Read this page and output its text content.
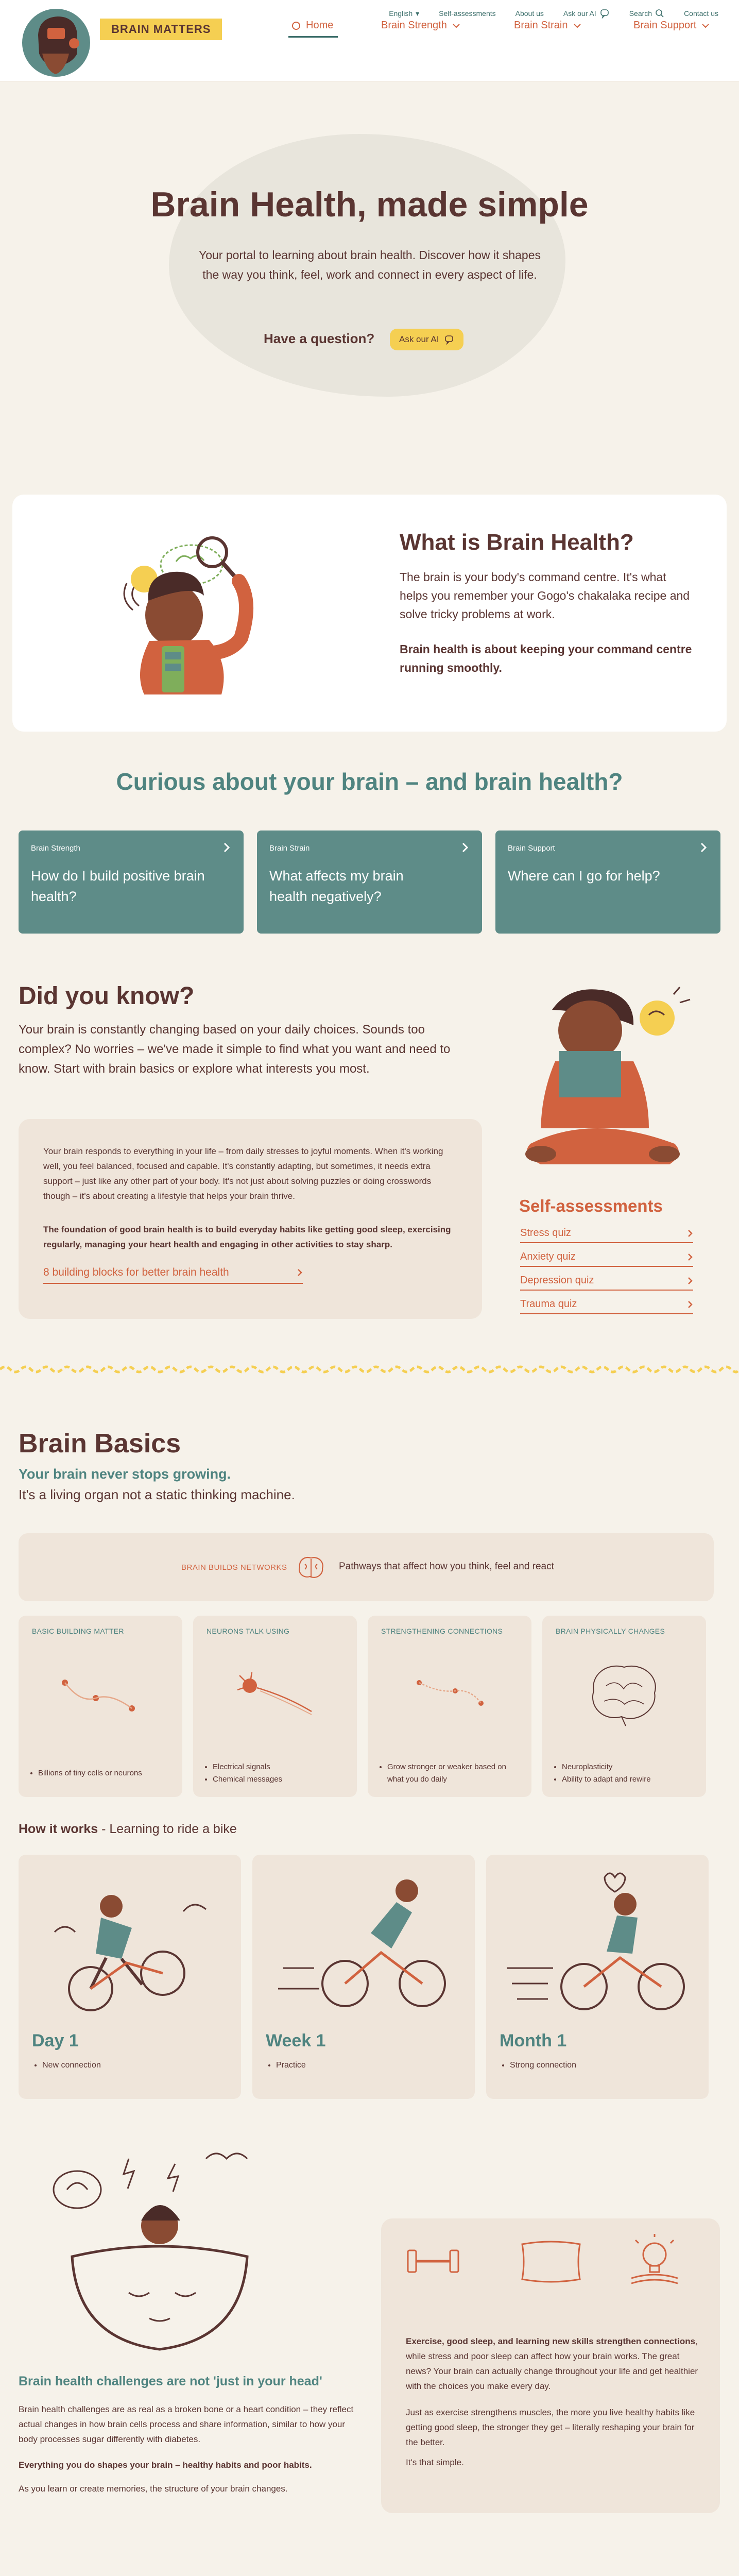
English ▾	Self-assessments	About us	Ask our AI	Search	Contact us
BRAIN MATTERS	Home	Brain Strength	Brain Strain	Brain Support
Brain Health, made simple

Your portal to learning about brain health. Discover how it shapes the way you think, feel, work and connect in every aspect of life.

Have a question?	Ask our AI
What is Brain Health?

The brain is your body's command centre. It's what helps you remember your Gogo's chakalaka recipe and solve tricky problems at work.

Brain health is about keeping your command centre running smoothly.

Curious about your brain – and brain health?
Brain Strength
How do I build positive brain health?
Brain Strain
What affects my brain health negatively?
Brain Support
Where can I go for help?
Did you know?

Your brain is constantly changing based on your daily choices. Sounds too complex? No worries – we've made it simple to find what you want and need to know. Start with brain basics or explore what interests you most.

Your brain responds to everything in your life – from daily stresses to joyful moments. When it's working well, you feel balanced, focused and capable. It's constantly adapting, but sometimes, it needs extra support – just like any other part of your body. It's not just about solving puzzles or doing crosswords though – it's about creating a lifestyle that helps your brain thrive.

The foundation of good brain health is to build everyday habits like getting good sleep, exercising regularly, managing your heart health and engaging in other activities to stay sharp.

8 building blocks for better brain health
Self-assessments
Stress quiz
Anxiety quiz
Depression quiz
Trauma quiz
Brain Basics
Your brain never stops growing.
It's a living organ not a static thinking machine.
BRAIN BUILDS NETWORKS	Pathways that affect how you think, feel and react
BASIC BUILDING MATTER
• Billions of tiny cells or neurons
NEURONS TALK USING
• Electrical signals
• Chemical messages
STRENGTHENING CONNECTIONS
• Grow stronger or weaker based on what you do daily
BRAIN PHYSICALLY CHANGES
• Neuroplasticity
• Ability to adapt and rewire
How it works - Learning to ride a bike
Day 1
• New connection
Week 1
• Practice
Month 1
• Strong connection
Brain health challenges are not 'just in your head'

Brain health challenges are as real as a broken bone or a heart condition – they reflect actual changes in how brain cells process and share information, similar to how your body processes sugar differently with diabetes.

Everything you do shapes your brain – healthy habits and poor habits.

As you learn or create memories, the structure of your brain changes.

Exercise, good sleep, and learning new skills strengthen connections, while stress and poor sleep can affect how your brain works. The great news? Your brain can actually change throughout your life and get healthier with the choices you make every day.

Just as exercise strengthens muscles, the more you live healthy habits like getting good sleep, the stronger they get – literally reshaping your brain for the better.

It's that simple.
